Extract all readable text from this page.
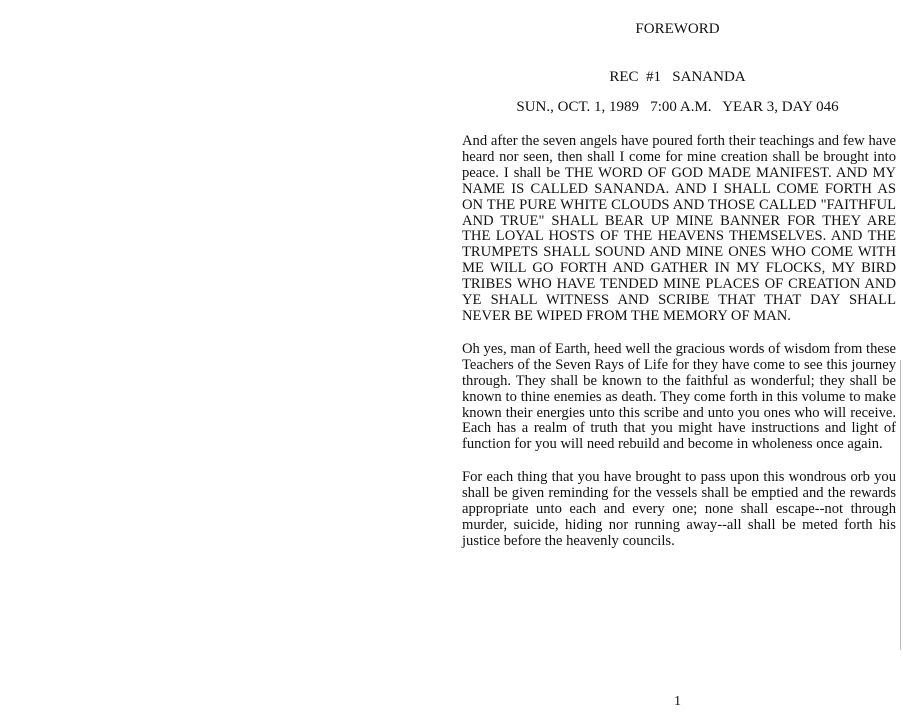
FOREWORD
REC  #1   SANANDA
SUN., OCT. 1, 1989   7:00 A.M.   YEAR 3, DAY 046

And after the seven angels have poured forth their teachings and few have heard nor seen, then shall I come for mine creation shall be brought into peace. I shall be THE WORD OF GOD MADE MANIFEST. AND MY NAME IS CALLED SANANDA. AND I SHALL COME FORTH AS ON THE PURE WHITE CLOUDS AND THOSE CALLED "FAITHFUL AND TRUE" SHALL BEAR UP MINE BANNER FOR THEY ARE THE LOYAL HOSTS OF THE HEAVENS THEMSELVES. AND THE TRUMPETS SHALL SOUND AND MINE ONES WHO COME WITH ME WILL GO FORTH AND GATHER IN MY FLOCKS, MY BIRD TRIBES WHO HAVE TENDED MINE PLACES OF CREATION AND YE SHALL WITNESS AND SCRIBE THAT THAT DAY SHALL NEVER BE WIPED FROM THE MEMORY OF MAN.

Oh yes, man of Earth, heed well the gracious words of wisdom from these Teachers of the Seven Rays of Life for they have come to see this journey through. They shall be known to the faithful as wonderful; they shall be known to thine enemies as death. They come forth in this volume to make known their energies unto this scribe and unto you ones who will receive. Each has a realm of truth that you might have instructions and light of function for you will need rebuild and become in wholeness once again.

For each thing that you have brought to pass upon this wondrous orb you shall be given reminding for the vessels shall be emptied and the rewards appropriate unto each and every one; none shall escape--not through murder, suicide, hiding nor running away--all shall be meted forth his justice before the heavenly councils.

1
